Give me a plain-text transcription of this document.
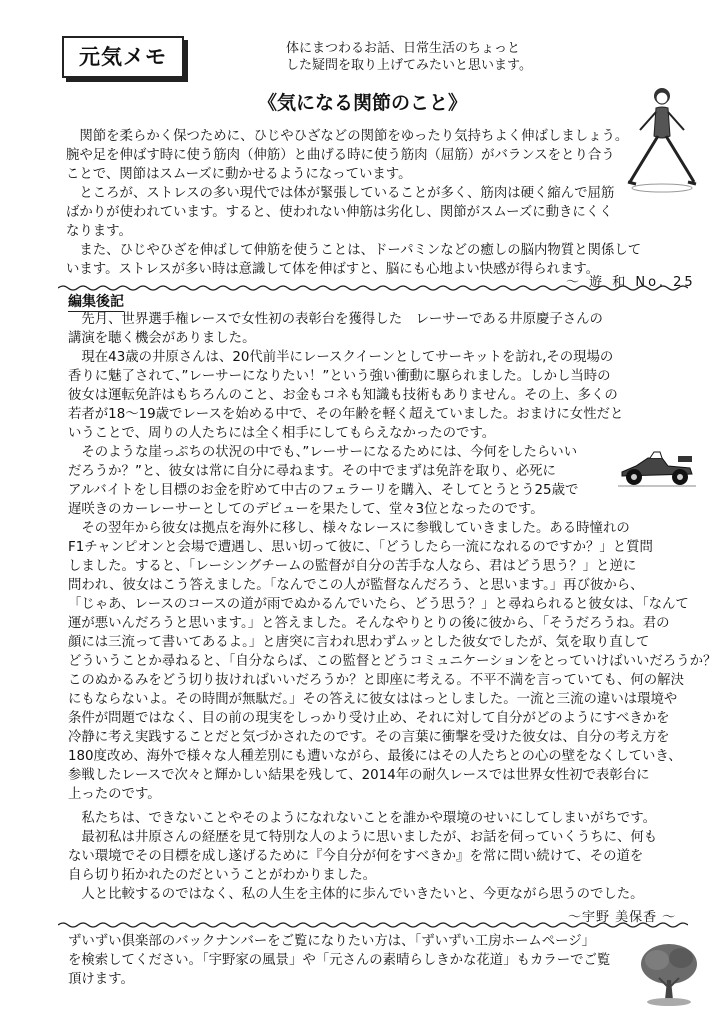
元気メモ	体にまつわるお話、日常生活のちょっと
した疑問を取り上げてみたいと思います。
《気になる関節のこと》
　関節を柔らかく保つために、ひじやひざなどの関節をゆったり気持ちよく伸ばしましょう。
腕や足を伸ばす時に使う筋肉（伸筋）と曲げる時に使う筋肉（屈筋）がバランスをとり合う
ことで、関節はスムーズに動かせるようになっています。
　ところが、ストレスの多い現代では体が緊張していることが多く、筋肉は硬く縮んで屈筋
ばかりが使われています。すると、使われない伸筋は劣化し、関節がスムーズに動きにくく
なります。
　また、ひじやひざを伸ばして伸筋を使うことは、ドーパミンなどの癒しの脳内物質と関係して
います。ストレスが多い時は意識して体を伸ばすと、脳にも心地よい快感が得られます。
〜 遊 和 No. 25
編集後記
　先月、世界選手権レースで女性初の表彰台を獲得した　レーサーである井原慶子さんの
講演を聴く機会がありました。
　現在43歳の井原さんは、20代前半にレースクイーンとしてサーキットを訪れ,その現場の
香りに魅了されて、”レーサーになりたい！”という強い衝動に駆られました。しかし当時の
彼女は運転免許はもちろんのこと、お金もコネも知識も技術もありません。その上、多くの
若者が18〜19歳でレースを始める中で、その年齢を軽く超えていました。おまけに女性だと
いうことで、周りの人たちには全く相手にしてもらえなかったのです。
　そのような崖っぷちの状況の中でも、”レーサーになるためには、今何をしたらいい
だろうか？”と、彼女は常に自分に尋ねます。その中でまずは免許を取り、必死に
アルバイトをし目標のお金を貯めて中古のフェラーリを購入、そしてとうとう25歳で
遅咲きのカーレーサーとしてのデビューを果たして、堂々3位となったのです。
　その翌年から彼女は拠点を海外に移し、様々なレースに参戦していきました。ある時憧れの
F1チャンピオンと会場で遭遇し、思い切って彼に、「どうしたら一流になれるのですか？」と質問
しました。すると、「レーシングチームの監督が自分の苦手な人なら、君はどう思う？」と逆に
問われ、彼女はこう答えました。「なんでこの人が監督なんだろう、と思います。」再び彼から、
「じゃあ、レースのコースの道が雨でぬかるんでいたら、どう思う？」と尋ねられると彼女は、「なんて
運が悪いんだろうと思います。」と答えました。そんなやりとりの後に彼から、「そうだろうね。君の
顔には三流って書いてあるよ。」と唐突に言われ思わずムッとした彼女でしたが、気を取り直して
どういうことか尋ねると、「自分ならば、この監督とどうコミュニケーションをとっていけばいいだろうか？
このぬかるみをどう切り抜ければいいだろうか？と即座に考える。不平不満を言っていても、何の解決
にもならないよ。その時間が無駄だ。」その答えに彼女ははっとしました。一流と三流の違いは環境や
条件が問題ではなく、目の前の現実をしっかり受け止め、それに対して自分がどのようにすべきかを
冷静に考え実践することだと気づかされたのです。その言葉に衝撃を受けた彼女は、自分の考え方を
180度改め、海外で様々な人種差別にも遭いながら、最後にはその人たちとの心の壁をなくしていき、
参戦したレースで次々と輝かしい結果を残して、2014年の耐久レースでは世界女性初で表彰台に
上ったのです。
　私たちは、できないことやそのようになれないことを誰かや環境のせいにしてしまいがちです。
　最初私は井原さんの経歴を見て特別な人のように思いましたが、お話を伺っていくうちに、何も
ない環境でその目標を成し遂げるために『今自分が何をすべきか』を常に問い続けて、その道を
自ら切り拓かれたのだということがわかりました。
　人と比較するのではなく、私の人生を主体的に歩んでいきたいと、今更ながら思うのでした。
〜宇野 美保香 〜
ずいずい倶楽部のバックナンバーをご覧になりたい方は、「ずいずい工房ホームページ」
を検索してください。「宇野家の風景」や「元さんの素晴らしきかな花道」もカラーでご覧
頂けます。
